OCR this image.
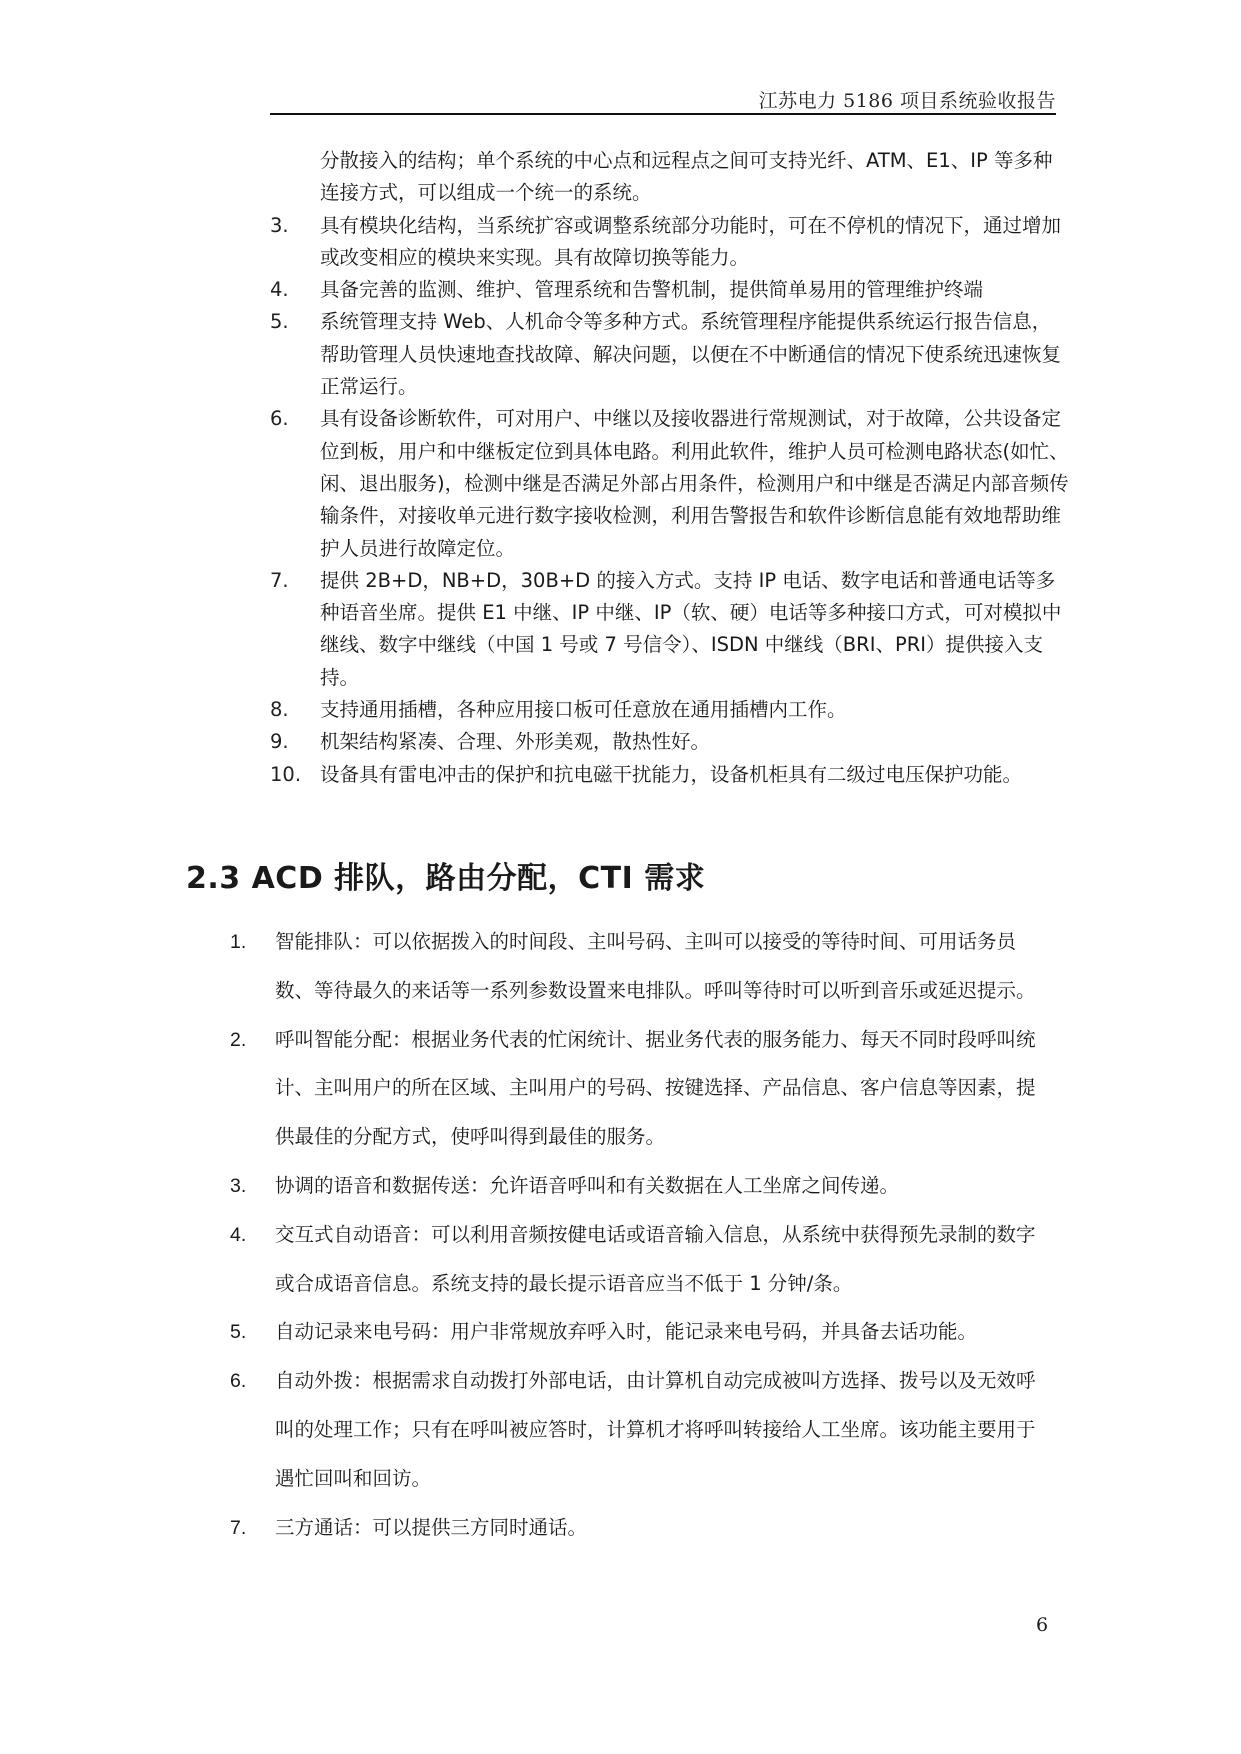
江苏电力 5186 项目系统验收报告
分散接入的结构；单个系统的中心点和远程点之间可支持光纤、ATM、E1、IP 等多种连接方式，可以组成一个统一的系统。
3. 具有模块化结构，当系统扩容或调整系统部分功能时，可在不停机的情况下，通过增加或改变相应的模块来实现。具有故障切换等能力。
4. 具备完善的监测、维护、管理系统和告警机制，提供简单易用的管理维护终端
5. 系统管理支持 Web、人机命令等多种方式。系统管理程序能提供系统运行报告信息，帮助管理人员快速地查找故障、解决问题，以便在不中断通信的情况下使系统迅速恢复正常运行。
6. 具有设备诊断软件，可对用户、中继以及接收器进行常规测试，对于故障，公共设备定位到板，用户和中继板定位到具体电路。利用此软件，维护人员可检测电路状态(如忙、闲、退出服务)，检测中继是否满足外部占用条件，检测用户和中继是否满足内部音频传输条件，对接收单元进行数字接收检测，利用告警报告和软件诊断信息能有效地帮助维护人员进行故障定位。
7. 提供 2B+D，NB+D，30B+D 的接入方式。支持 IP 电话、数字电话和普通电话等多种语音坐席。提供 E1 中继、IP 中继、IP（软、硬）电话等多种接口方式，可对模拟中继线、数字中继线（中国 1 号或 7 号信令）、ISDN 中继线（BRI、PRI）提供接入支持。
8. 支持通用插槽，各种应用接口板可任意放在通用插槽内工作。
9. 机架结构紧凑、合理、外形美观，散热性好。
10. 设备具有雷电冲击的保护和抗电磁干扰能力，设备机柜具有二级过电压保护功能。
2.3 ACD 排队，路由分配，CTI 需求
1. 智能排队：可以依据拨入的时间段、主叫号码、主叫可以接受的等待时间、可用话务员数、等待最久的来话等一系列参数设置来电排队。呼叫等待时可以听到音乐或延迟提示。
2. 呼叫智能分配：根据业务代表的忙闲统计、据业务代表的服务能力、每天不同时段呼叫统计、主叫用户的所在区域、主叫用户的号码、按键选择、产品信息、客户信息等因素，提供最佳的分配方式，使呼叫得到最佳的服务。
3. 协调的语音和数据传送：允许语音呼叫和有关数据在人工坐席之间传递。
4. 交互式自动语音：可以利用音频按健电话或语音输入信息，从系统中获得预先录制的数字或合成语音信息。系统支持的最长提示语音应当不低于 1 分钟/条。
5. 自动记录来电号码：用户非常规放弃呼入时，能记录来电号码，并具备去话功能。
6. 自动外拨：根据需求自动拨打外部电话，由计算机自动完成被叫方选择、拨号以及无效呼叫的处理工作；只有在呼叫被应答时，计算机才将呼叫转接给人工坐席。该功能主要用于遇忙回叫和回访。
7. 三方通话：可以提供三方同时通话。
6
